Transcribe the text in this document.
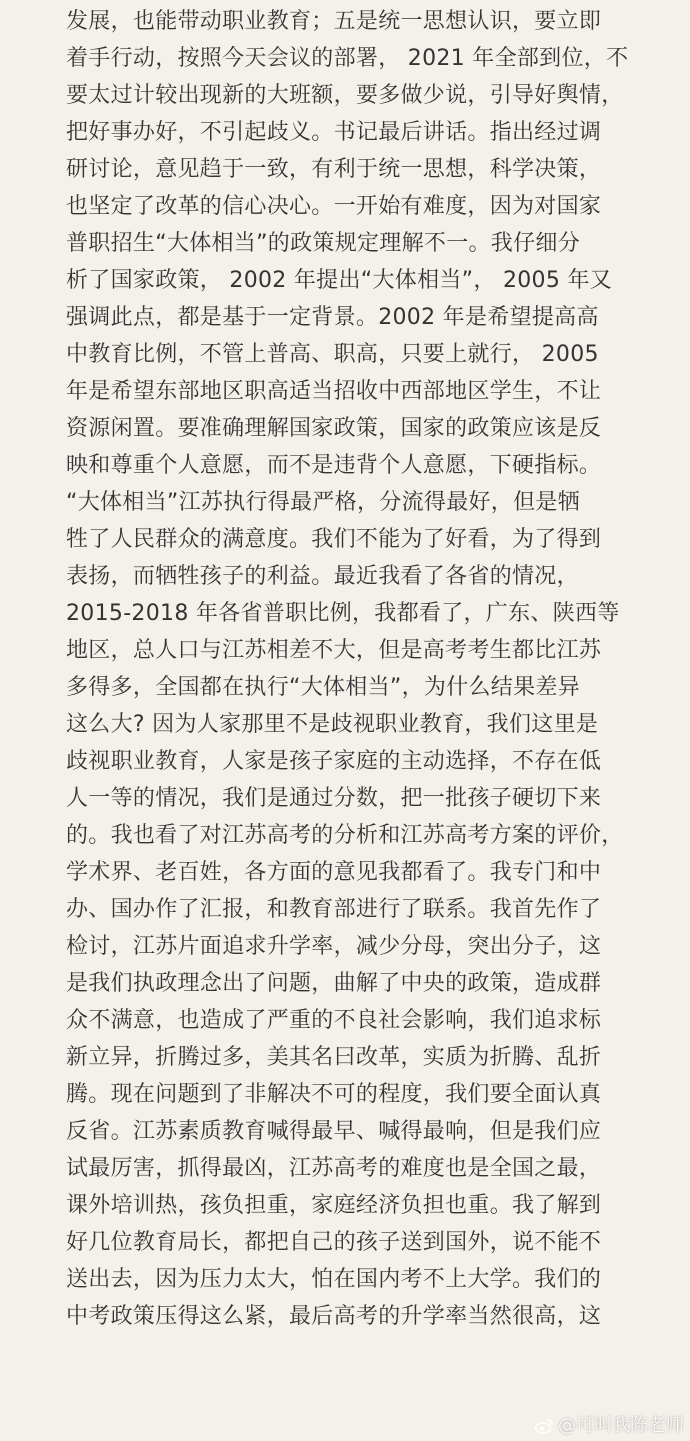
发展，也能带动职业教育；五是统一思想认识，要立即
着手行动，按照今天会议的部署， 2021 年全部到位，不
要太过计较出现新的大班额，要多做少说，引导好舆情，
把好事办好，不引起歧义。书记最后讲话。指出经过调
研讨论，意见趋于一致，有利于统一思想，科学决策，
也坚定了改革的信心决心。一开始有难度，因为对国家
普职招生“大体相当”的政策规定理解不一。我仔细分
析了国家政策， 2002 年提出“大体相当”， 2005 年又
强调此点，都是基于一定背景。2002 年是希望提高高
中教育比例，不管上普高、职高，只要上就行， 2005
年是希望东部地区职高适当招收中西部地区学生，不让
资源闲置。要准确理解国家政策，国家的政策应该是反
映和尊重个人意愿，而不是违背个人意愿，下硬指标。
“大体相当”江苏执行得最严格，分流得最好，但是牺
牲了人民群众的满意度。我们不能为了好看，为了得到
表扬，而牺牲孩子的利益。最近我看了各省的情况，
2015-2018 年各省普职比例，我都看了，广东、陕西等
地区，总人口与江苏相差不大，但是高考考生都比江苏
多得多，全国都在执行“大体相当”，为什么结果差异
这么大? 因为人家那里不是歧视职业教育，我们这里是
歧视职业教育，人家是孩子家庭的主动选择，不存在低
人一等的情况，我们是通过分数，把一批孩子硬切下来
的。我也看了对江苏高考的分析和江苏高考方案的评价，
学术界、老百姓，各方面的意见我都看了。我专门和中
办、国办作了汇报，和教育部进行了联系。我首先作了
检讨，江苏片面追求升学率，减少分母，突出分子，这
是我们执政理念出了问题，曲解了中央的政策，造成群
众不满意，也造成了严重的不良社会影响，我们追求标
新立异，折腾过多，美其名曰改革，实质为折腾、乱折
腾。现在问题到了非解决不可的程度，我们要全面认真
反省。江苏素质教育喊得最早、喊得最响，但是我们应
试最厉害，抓得最凶，江苏高考的难度也是全国之最，
课外培训热，孩负担重，家庭经济负担也重。我了解到
好几位教育局长，都把自己的孩子送到国外，说不能不
送出去，因为压力太大，怕在国内考不上大学。我们的
中考政策压得这么紧，最后高考的升学率当然很高，这
@可叫我陈老师
